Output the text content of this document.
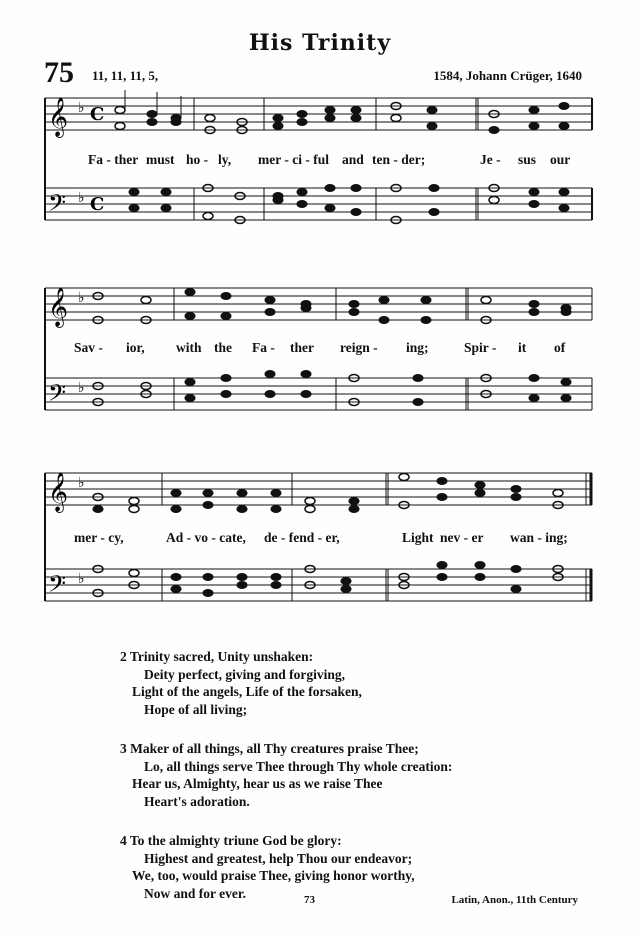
His Trinity
75 11, 11, 11, 5,	1584, Johann Crüger, 1640
𝄞
𝄢
♭
♭
C
C
Fa - ther must ho - ly, mer - ci - ful and ten - der;	Je - sus our
𝄞
𝄢
♭
♭
Sav - ior, with the Fa - ther reign - ing;	Spir - it of
𝄞
𝄢
♭
♭
mer - cy,	Ad - vo - cate, de - fend - er,	Light nev - er wan - ing;
2 Trinity sacred, Unity unshaken:
Deity perfect, giving and forgiving,
Light of the angels, Life of the forsaken,
Hope of all living;
3 Maker of all things, all Thy creatures praise Thee;
Lo, all things serve Thee through Thy whole creation:
Hear us, Almighty, hear us as we raise Thee
Heart's adoration.
4 To the almighty triune God be glory:
Highest and greatest, help Thou our endeavor;
We, too, would praise Thee, giving honor worthy,
Now and for ever.	73	Latin, Anon., 11th Century
